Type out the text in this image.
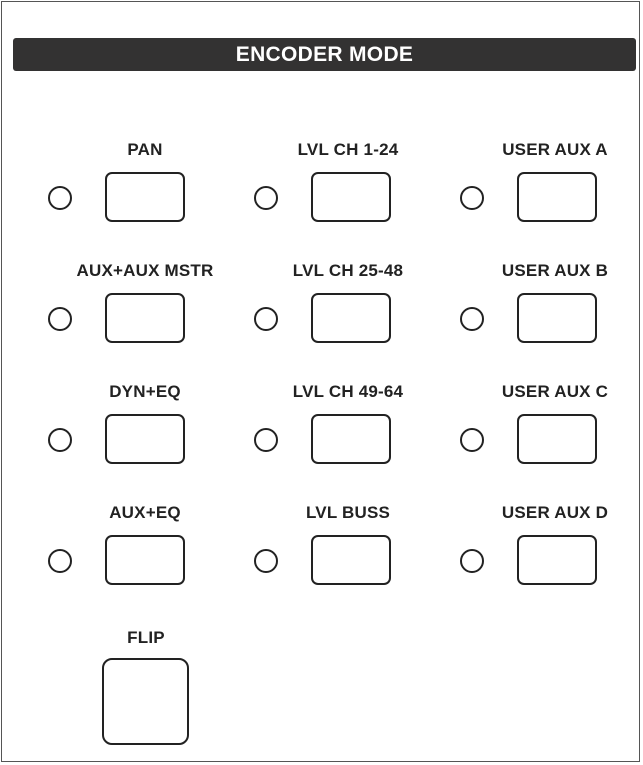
ENCODER MODE
PAN	LVL CH 1-24	USER AUX A
AUX+AUX MSTR	LVL CH 25-48	USER AUX B
DYN+EQ	LVL CH 49-64	USER AUX C
AUX+EQ	LVL BUSS	USER AUX D
FLIP
